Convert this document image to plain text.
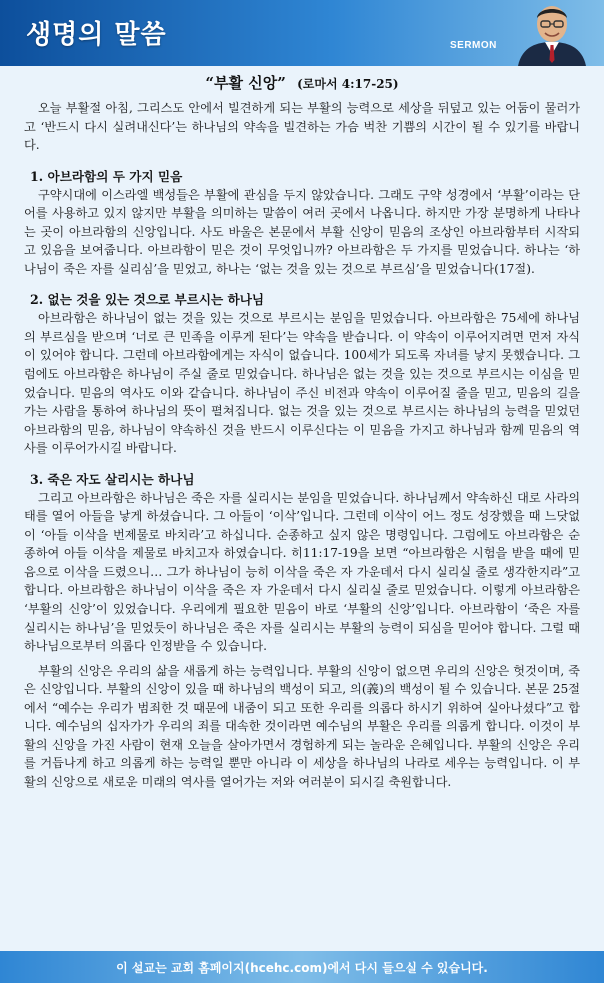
생명의 말씀	SERMON
“부활 신앙” (로마서 4:17-25)

오늘 부활절 아침, 그리스도 안에서 빌견하게 되는 부활의 능력으로 세상을 뒤덮고 있는 어둠이 물러가고 ‘반드시 다시 실려내신다’는 하나님의 약속을 빌견하는 가슴 벅찬 기쁨의 시간이 될 수 있기를 바랍니다.

1. 아브라함의 두 가지 믿음

구약시대에 이스라엘 백성들은 부활에 관심을 두지 않았습니다. 그래도 구약 성경에서 ‘부활’이라는 단어를 사용하고 있지 않지만 부활을 의미하는 말씀이 여러 곳에서 나옵니다. 하지만 가장 분명하게 나타나는 곳이 아브라함의 신앙입니다. 사도 바울은 본문에서 부활 신앙이 믿음의 조상인 아브라함부터 시작되고 있음을 보여줍니다. 아브라함이 믿은 것이 무엇입니까? 아브라함은 두 가지를 믿었습니다. 하나는 ‘하나님이 죽은 자를 실리심’을 믿었고, 하나는 ‘없는 것을 있는 것으로 부르심’을 믿었습니다(17절).

2. 없는 것을 있는 것으로 부르시는 하나님

아브라함은 하나님이 없는 것을 있는 것으로 부르시는 분임을 믿었습니다. 아브라함은 75세에 하나님의 부르심을 받으며 ‘너로 큰 민족을 이루게 된다’는 약속을 받습니다. 이 약속이 이루어지려면 먼저 자식이 있어야 합니다. 그런데 아브라함에게는 자식이 없습니다. 100세가 되도록 자녀를 낳지 못했습니다. 그럼에도 아브라함은 하나님이 주실 줄로 믿었습니다. 하나님은 없는 것을 있는 것으로 부르시는 이심을 믿었습니다. 믿음의 역사도 이와 같습니다. 하나님이 주신 비전과 약속이 이루어질 줄을 믿고, 믿음의 길을 가는 사람을 통하여 하나님의 뜻이 펼쳐집니다. 없는 것을 있는 것으로 부르시는 하나님의 능력을 믿었던 아브라함의 믿음, 하나님이 약속하신 것을 반드시 이루신다는 이 믿음을 가지고 하나님과 함께 믿음의 역사를 이루어가시길 바랍니다.

3. 죽은 자도 살리시는 하나님

그리고 아브라함은 하나님은 죽은 자를 실리시는 분임을 믿었습니다. 하나님께서 약속하신 대로 사라의 태를 열어 아들을 낳게 하셨습니다. 그 아들이 ‘이삭’입니다. 그런데 이삭이 어느 정도 성장했을 때 느닷없이 ‘아들 이삭을 번제물로 바치라’고 하십니다. 순종하고 싶지 않은 명령입니다. 그럼에도 아브라함은 순종하여 아들 이삭을 제물로 바치고자 하였습니다. 히11:17-19을 보면 “아브라함은 시험을 받을 때에 믿음으로 이삭을 드렸으니… 그가 하나님이 능히 이삭을 죽은 자 가운데서 다시 실리실 줄로 생각한지라”고 합니다. 아브라함은 하나님이 이삭을 죽은 자 가운데서 다시 실리실 줄로 믿었습니다. 이렇게 아브라함은 ‘부활의 신앙’이 있었습니다. 우리에게 필요한 믿음이 바로 ‘부활의 신앙’입니다. 아브라함이 ‘죽은 자를 실리시는 하나님’을 믿었듯이 하나님은 죽은 자를 실리시는 부활의 능력이 되심을 믿어야 합니다. 그럴 때 하나님으로부터 의롭다 인정받을 수 있습니다.

부활의 신앙은 우리의 삶을 새롭게 하는 능력입니다. 부활의 신앙이 없으면 우리의 신앙은 헛것이며, 죽은 신앙입니다. 부활의 신앙이 있을 때 하나님의 백성이 되고, 의(義)의 백성이 될 수 있습니다. 본문 25절에서 “예수는 우리가 범죄한 것 때문에 내줌이 되고 또한 우리를 의롭다 하시기 위하여 실아나셨다”고 합니다. 예수님의 십자가가 우리의 죄를 대속한 것이라면 예수님의 부활은 우리를 의롭게 합니다. 이것이 부활의 신앙을 가진 사람이 현재 오늘을 살아가면서 경험하게 되는 놀라운 은혜입니다. 부활의 신앙은 우리를 거듭나게 하고 의롭게 하는 능력일 뿐만 아니라 이 세상을 하나님의 나라로 세우는 능력입니다. 이 부활의 신앙으로 새로운 미래의 역사를 열어가는 저와 여러분이 되시길 축원합니다.

이 설교는 교회 홈페이지(hcehc.com)에서 다시 들으실 수 있습니다.
